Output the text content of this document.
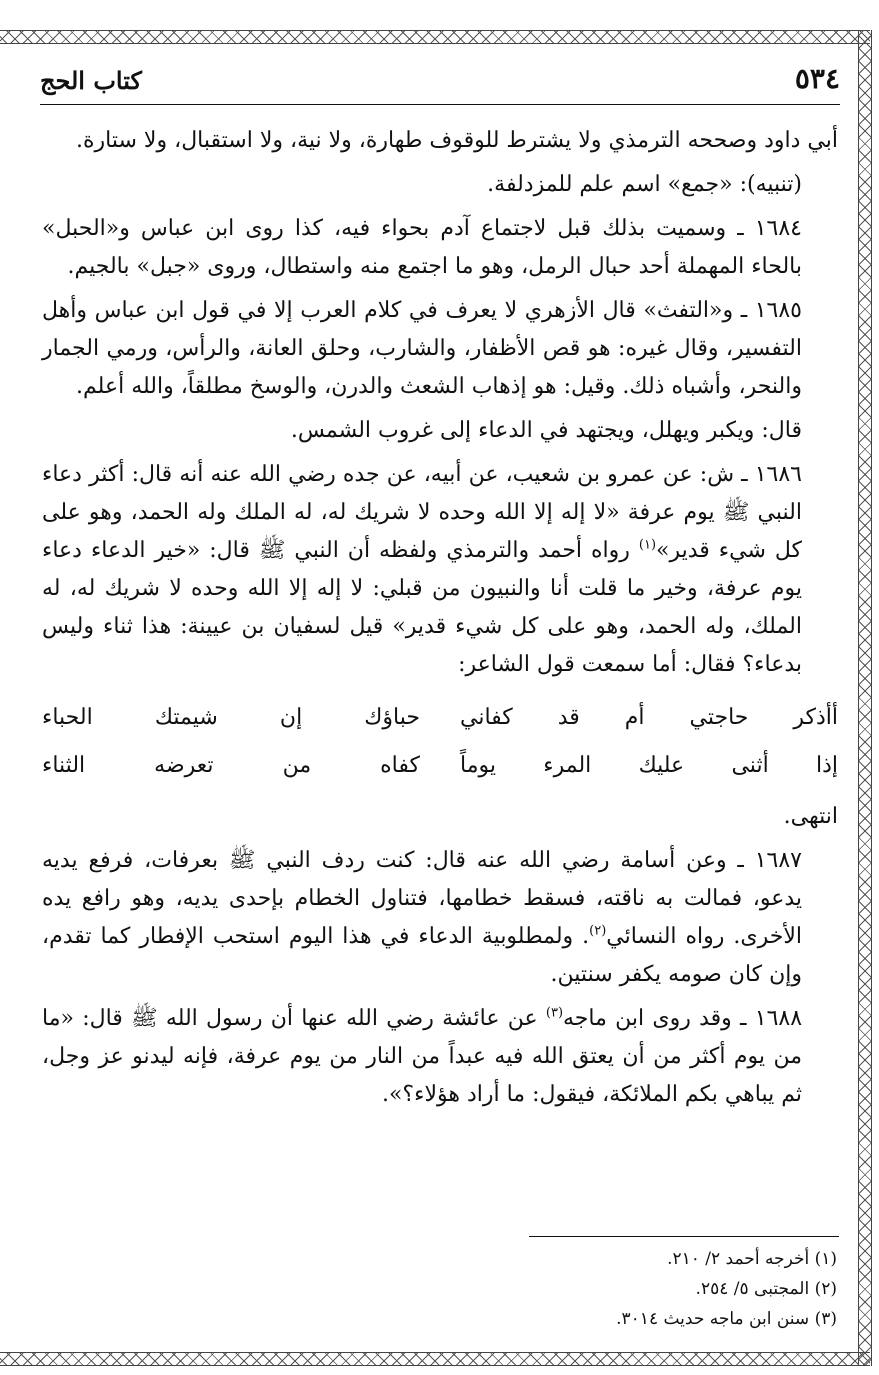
٥٣٤
كتاب الحج

أبي داود وصححه الترمذي ولا يشترط للوقوف طهارة، ولا نية، ولا استقبال، ولا ستارة.

(تنبيه): «جمع» اسم علم للمزدلفة.

١٦٨٤ ـ وسميت بذلك قبل لاجتماع آدم بحواء فيه، كذا روى ابن عباس و«الحبل» بالحاء المهملة أحد حبال الرمل، وهو ما اجتمع منه واستطال، وروى «جبل» بالجيم.

١٦٨٥ ـ و«التفث» قال الأزهري لا يعرف في كلام العرب إلا في قول ابن عباس وأهل التفسير، وقال غيره: هو قص الأظفار، والشارب، وحلق العانة، والرأس، ورمي الجمار والنحر، وأشباه ذلك. وقيل: هو إذهاب الشعث والدرن، والوسخ مطلقاً، والله أعلم.

قال: ويكبر ويهلل، ويجتهد في الدعاء إلى غروب الشمس.

١٦٨٦ ـ ش: عن عمرو بن شعيب، عن أبيه، عن جده رضي الله عنه أنه قال: أكثر دعاء النبي ﷺ يوم عرفة «لا إله إلا الله وحده لا شريك له، له الملك وله الحمد، وهو على كل شيء قدير»$^{(١)}$ رواه أحمد والترمذي ولفظه أن النبي ﷺ قال: «خير الدعاء دعاء يوم عرفة، وخير ما قلت أنا والنبيون من قبلي: لا إله إلا الله وحده لا شريك له، له الملك، وله الحمد، وهو على كل شيء قدير» قيل لسفيان بن عيينة: هذا ثناء وليس بدعاء؟ فقال: أما سمعت قول الشاعر:

أأذكر حاجتي أم قد كفاني
حباؤك إن شيمتك الحباء
إذا أثنى عليك المرء يوماً
كفاه من تعرضه الثناء

انتهى.

١٦٨٧ ـ وعن أسامة رضي الله عنه قال: كنت ردف النبي ﷺ بعرفات، فرفع يديه يدعو، فمالت به ناقته، فسقط خطامها، فتناول الخطام بإحدى يديه، وهو رافع يده الأخرى. رواه النسائي$^{(٢)}$. ولمطلوبية الدعاء في هذا اليوم استحب الإفطار كما تقدم، وإن كان صومه يكفر سنتين.

١٦٨٨ ـ وقد روى ابن ماجه$^{(٣)}$ عن عائشة رضي الله عنها أن رسول الله ﷺ قال: «ما من يوم أكثر من أن يعتق الله فيه عبداً من النار من يوم عرفة، فإنه ليدنو عز وجل، ثم يباهي بكم الملائكة، فيقول: ما أراد هؤلاء؟».

(١) أخرجه أحمد ٢/ ٢١٠.
(٢) المجتبى ٥/ ٢٥٤.
(٣) سنن ابن ماجه حديث ٣٠١٤.
